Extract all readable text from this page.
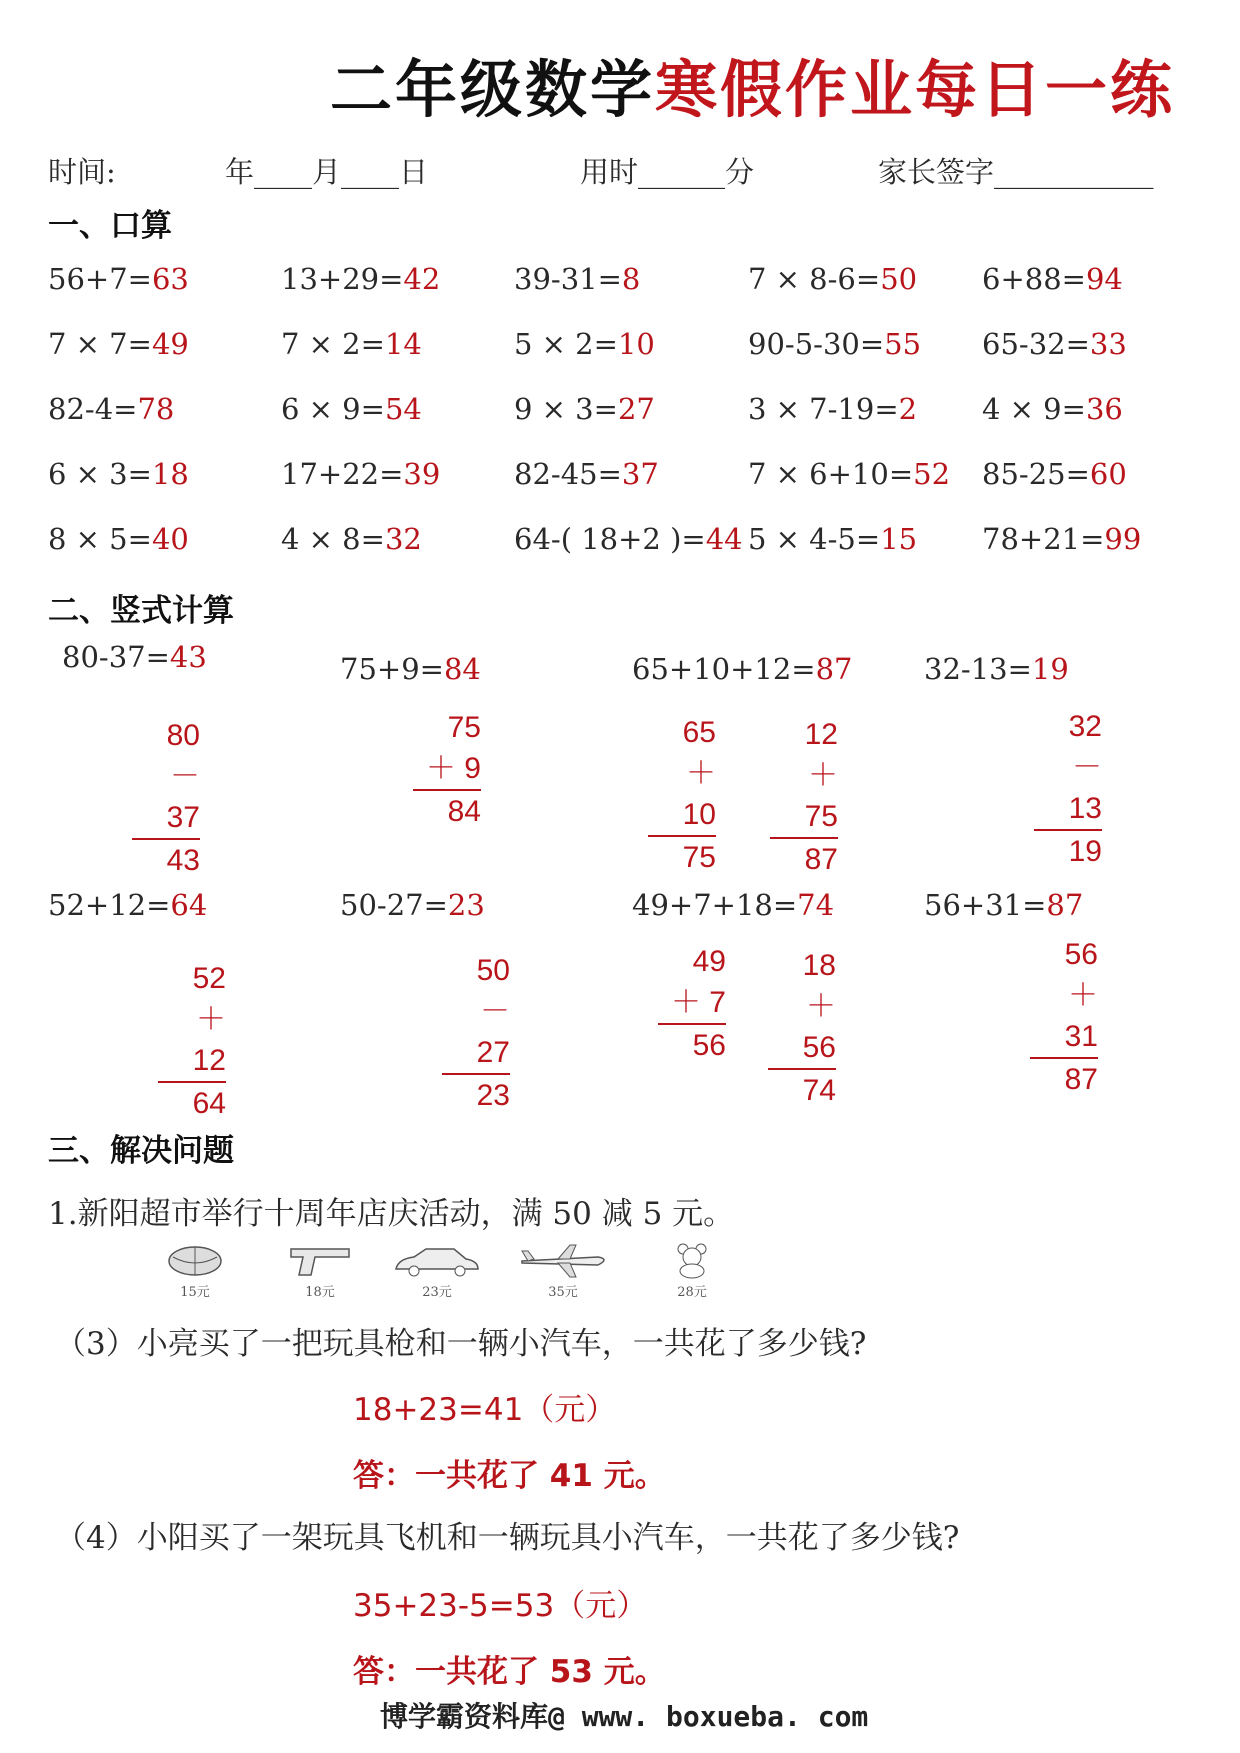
二年级数学寒假作业每日一练
时间:	年____月____日	用时______分	家长签字___________
一、口算
56+7=63	13+29=42	39-31=8	7 × 8-6=50 6+88=94
7 × 7=49	7 × 2=14	5 × 2=10	90-5-30=55 65-32=33
82-4=78	6 × 9=54	9 × 3=27	3 × 7-19=2 4 × 9=36
6 × 3=18	17+22=39	82-45=37	7 × 6+10=52 85-25=60
8 × 5=40	4 × 8=32	64-( 18+2 )=44 5 × 4-5=15 78+21=99
二、竖式计算
80-37=43	75+9=84	65+10+12=87 32-13=19
52+12=64	50-27=23	49+7+18=74	56+31=87
80
－ 37
43
75
＋ 9
84
65
＋ 10
75
12
＋ 75
87
32
－ 13
19
52
＋ 12
64
50
－ 27
23
49
＋ 7
56
18
＋ 56
74
56
＋ 31
87
三、解决问题
1.新阳超市举行十周年店庆活动，满 50 减 5 元。
15元	18元	23元	35元	28元
（3）小亮买了一把玩具枪和一辆小汽车，一共花了多少钱?
18+23=41（元）
答：一共花了 41 元。
（4）小阳买了一架玩具飞机和一辆玩具小汽车，一共花了多少钱?
35+23-5=53（元）
答：一共花了 53 元。
博学霸资料库@ www. boxueba. com
